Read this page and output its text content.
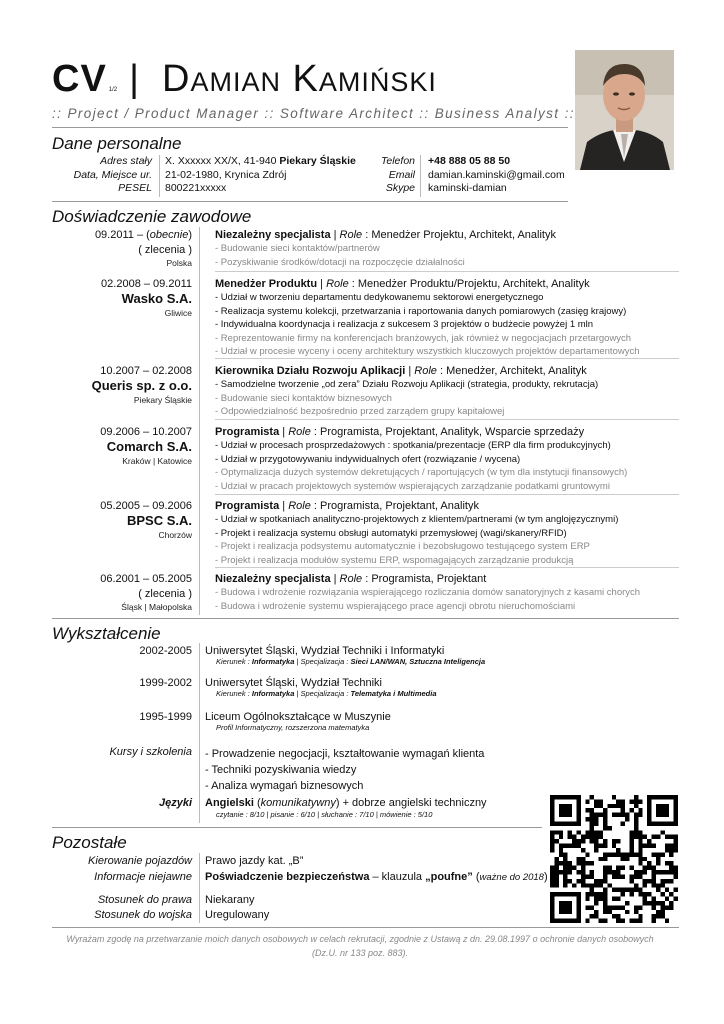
CV 1/2 | Damian Kamiński
:: Project / Product Manager :: Software Architect :: Business Analyst ::
Dane personalne
Adres stały
Data, Miejsce ur.
PESEL
X. Xxxxxx XX/X, 41-940 Piekary Śląskie
21-02-1980, Krynica Zdrój
800221xxxxx
Telefon
Email
Skype
+48 888 05 88 50
damian.kaminski@gmail.com
kaminski-damian
Doświadczenie zawodowe
09.2011 – (obecnie)
( zlecenia )
Polska
Niezależny specjalista | Role : Menedżer Projektu, Architekt, Analityk
- Budowanie sieci kontaktów/partnerów
- Pozyskiwanie środków/dotacji na rozpoczęcie działalności
02.2008 – 09.2011
Wasko S.A.
Gliwice
Menedżer Produktu | Role : Menedżer Produktu/Projektu, Architekt, Analityk
- Udział w tworzeniu departamentu dedykowanemu sektorowi energetycznego
- Realizacja systemu kolekcji, przetwarzania i raportowania danych pomiarowych (zasięg krajowy)
- Indywidualna koordynacja i realizacja z sukcesem 3 projektów o budżecie powyżej 1 mln
- Reprezentowanie firmy na konferencjach branżowych, jak również w negocjacjach przetargowych
- Udział w procesie wyceny i oceny architektury wszystkich kluczowych projektów departamentowych
10.2007 – 02.2008
Queris sp. z o.o.
Piekary Śląskie
Kierownika Działu Rozwoju Aplikacji | Role : Menedżer, Architekt, Analityk
- Samodzielne tworzenie „od zera” Działu Rozwoju Aplikacji (strategia, produkty, rekrutacja)
- Budowanie sieci kontaktów biznesowych
- Odpowiedzialność bezpośrednio przed zarządem grupy kapitałowej
09.2006 – 10.2007
Comarch S.A.
Kraków | Katowice
Programista | Role : Programista, Projektant, Analityk, Wsparcie sprzedaży
- Udział w procesach prosprzedażowych : spotkania/prezentacje (ERP dla firm produkcyjnych)
- Udział w przygotowywaniu indywidualnych ofert (rozwiązanie / wycena)
- Optymalizacja dużych systemów dekretujących / raportujących (w tym dla instytucji finansowych)
- Udział w pracach projektowych systemów wspierających zarządzanie podatkami gruntowymi
05.2005 – 09.2006
BPSC S.A.
Chorzów
Programista | Role : Programista, Projektant, Analityk
- Udział w spotkaniach analityczno-projektowych z klientem/partnerami (w tym anglojęzycznymi)
- Projekt i realizacja systemu obsługi automatyki przemysłowej (wagi/skanery/RFID)
- Projekt i realizacja podsystemu automatycznie i bezobsługowo testującego system ERP
- Projekt i realizacja modułów systemu ERP, wspomagających zarządzanie produkcją
06.2001 – 05.2005
( zlecenia )
Śląsk | Małopolska
Niezależny specjalista | Role : Programista, Projektant
- Budowa i wdrożenie rozwiązania wspierającego rozliczania domów sanatoryjnych z kasami chorych
- Budowa i wdrożenie systemu wspierającego prace agencji obrotu nieruchomościami
Wykształcenie
2002-2005 Uniwersytet Śląski, Wydział Techniki i Informatyki
Kierunek : Informatyka | Specjalizacja : Sieci LAN/WAN, Sztuczna Inteligencja
1999-2002 Uniwersytet Śląski, Wydział Techniki
Kierunek : Informatyka | Specjalizacja : Telematyka i Multimedia
1995-1999 Liceum Ogólnokształcące w Muszynie
Profil Informatyczny, rozszerzona matematyka
Kursy i szkolenia - Prowadzenie negocjacji, kształtowanie wymagań klienta
- Techniki pozyskiwania wiedzy
- Analiza wymagań biznesowych
Języki Angielski (komunikatywny) + dobrze angielski techniczny
czytanie : 8/10 | pisanie : 6/10 | słuchanie : 7/10 | mówienie : 5/10
Pozostałe
Kierowanie pojazdów Prawo jazdy kat. „B”
Informacje niejawne Poświadczenie bezpieczeństwa – klauzula „poufne” (ważne do 2018)
Stosunek do prawa Niekarany
Stosunek do wojska Uregulowany
Wyrażam zgodę na przetwarzanie moich danych osobowych w celach rekrutacji, zgodnie z Ustawą z dn. 29.08.1997 o ochronie danych osobowych (Dz.U. nr 133 poz. 883).
